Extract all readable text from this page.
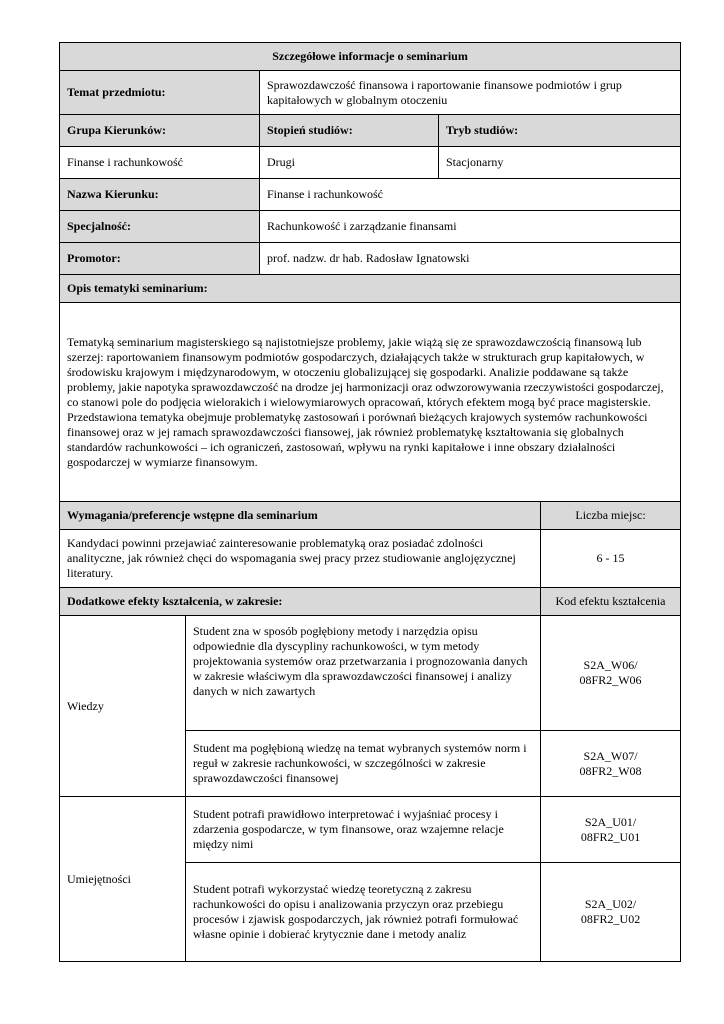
Szczegółowe informacje o seminarium				
Temat przedmiotu:		Sprawozdawczość finansowa i raportowanie finansowe podmiotów i grup kapitałowych w globalnym otoczeniu		
Grupa Kierunków:		Stopień studiów:	Tryb studiów:	
Finanse i rachunkowość		Drugi	Stacjonarny	
Nazwa Kierunku:		Finanse i rachunkowość		
Specjalność:		Rachunkowość i zarządzanie finansami		
Promotor:		prof. nadzw. dr hab. Radosław Ignatowski		
Opis tematyki seminarium:				
Tematyką seminarium magisterskiego są najistotniejsze problemy, jakie wiążą się ze sprawozdawczością finansową lub szerzej: raportowaniem finansowym podmiotów gospodarczych, działających także w strukturach grup kapitałowych, w środowisku krajowym i międzynarodowym, w otoczeniu globalizującej się gospodarki. Analizie poddawane są także problemy, jakie napotyka sprawozdawczość na drodze jej harmonizacji oraz odwzorowywania rzeczywistości gospodarczej, co stanowi pole do podjęcia wielorakich i wielowymiarowych opracowań, których efektem mogą być prace magisterskie. Przedstawiona tematyka obejmuje problematykę zastosowań i porównań bieżących krajowych systemów rachunkowości finansowej oraz w jej ramach sprawozdawczości fiansowej, jak również problematykę kształtowania się globalnych standardów rachunkowości – ich ograniczeń, zastosowań, wpływu na rynki kapitałowe i inne obszary działalności gospodarczej w wymiarze finansowym.				
Wymagania/preferencje wstępne dla seminarium				Liczba miejsc:
Kandydaci powinni przejawiać zainteresowanie problematyką oraz posiadać zdolności analityczne, jak również chęci do wspomagania swej pracy przez studiowanie anglojęzycznej literatury.				6 - 15
Dodatkowe efekty kształcenia, w zakresie:				Kod efektu kształcenia
Wiedzy	Student zna w sposób pogłębiony metody i narzędzia opisu odpowiednie dla dyscypliny rachunkowości, w tym metody projektowania systemów oraz przetwarzania i prognozowania danych w zakresie właściwym dla sprawozdawczości finansowej i analizy danych w nich zawartych			S2A_W06/
08FR2_W06

	Student ma pogłębioną wiedzę na temat wybranych systemów norm i reguł w zakresie rachunkowości, w szczególności w zakresie sprawozdawczości finansowej			S2A_W07/
08FR2_W08

Umiejętności	Student potrafi prawidłowo interpretować i wyjaśniać procesy i zdarzenia gospodarcze, w tym finansowe, oraz wzajemne relacje między nimi			S2A_U01/
08FR2_U01

	Student potrafi wykorzystać wiedzę teoretyczną z zakresu rachunkowości do opisu i analizowania przyczyn oraz przebiegu procesów i zjawisk gospodarczych, jak również potrafi formułować własne opinie i dobierać krytycznie dane i metody analiz			S2A_U02/
08FR2_U02
